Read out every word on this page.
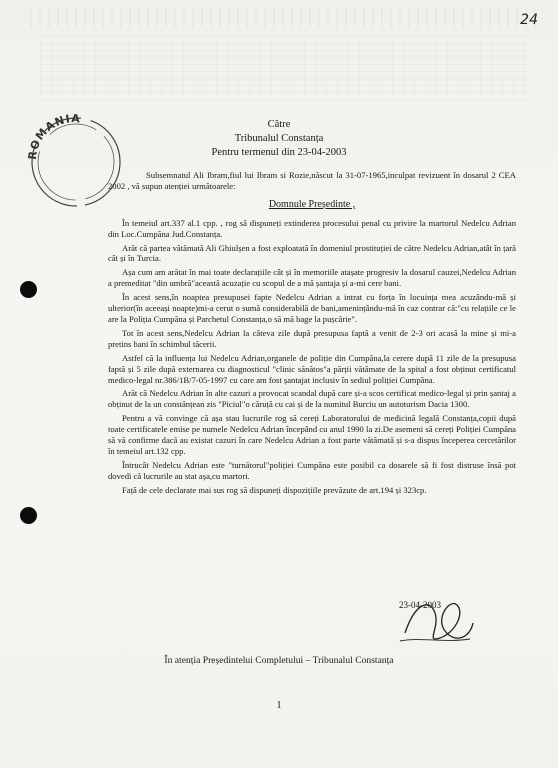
24
ROMANIA	Către
Tribunalul Constanța
Pentru termenul din 23-04-2003

Subsemnatul Ali Ibram,fiul lui Ibram si Rozie,născut la 31-07-1965,inculpat revizuent în dosarul 2 CEA 2002 , vă supun atenției următoarele:

Domnule Președinte ,

În temeiul art.337 al.1 cpp. , rog să dispuneți extinderea procesului penal cu privire la martorul Nedelcu Adrian din Loc.Cumpăna Jud.Constanța.

Arăt că partea vătămată Ali Ghiulșen a fost exploatată în domeniul prostituției de către Nedelcu Adrian,atât în țară cât și în Turcia.

Așa cum am arătat în mai toate declarațiile cât și în memoriile atașate progresiv la dosarul cauzei,Nedelcu Adrian a premeditat "din umbră"această acuzație cu scopul de a mă șantaja și a-mi cere bani.

În acest sens,în noaptea presupusei fapte Nedelcu Adrian a intrat cu forța în locuința mea acuzându-mă și ulterior(în aceeași noapte)mi-a cerut o sumă considerabilă de bani,amenințându-mă în caz contrar că:"cu relațiile ce le are la Poliția Cumpăna și Parchetul Constanța,o să mă bage la pușcărie".

Tot în acest sens,Nedelcu Adrian la câteva zile după presupusa faptă a venit de 2-3 ori acasă la mine și mi-a pretins bani în schimbul tăcerii.

Astfel că la influența lui Nedelcu Adrian,organele de poliție din Cumpăna,la cerere după 11 zile de la presupusa faptă și 5 zile după externarea cu diagnosticul "clinic sănătos"a părții vătămate de la spital a fost obținut certificatul medico-legal nr.386/1B/7-05-1997 cu care am fost șantajat inclusiv în sediul poliției Cumpăna.

Arăt că Nedelcu Adrian în alte cazuri a provocat scandal după care și-a scos certificat medico-legal și prin șantaj a obținut de la un constănțean zis "Piciul"o căruță cu cai și de la numitul Burciu un autoturism Dacia 1300.

Pentru a vă convinge că așa stau lucrurile rog să cereți Laboratorului de medicină legală Constanța,copii după toate certificatele emise pe numele Nedelcu Adrian începând cu anul 1990 la zi.De asemeni să cereți Poliției Cumpăna să vă confirme dacă au existat cazuri în care Nedelcu Adrian a fost parte vătămată și s-a dispus începerea cercetărilor în temeiul art.132 cpp.

Întrucât Nedelcu Adrian este "turnătorul"poliției Cumpăna este posibil ca dosarele să fi fost distruse însă pot dovedi că lucrurile au stat așa,cu martori.

Față de cele declarate mai sus rog să dispuneți dispozițiile prevăzute de art.194 și 323cp.

23-04-2003
În atenția Președintelui Completului – Tribunalul Constanța
1
